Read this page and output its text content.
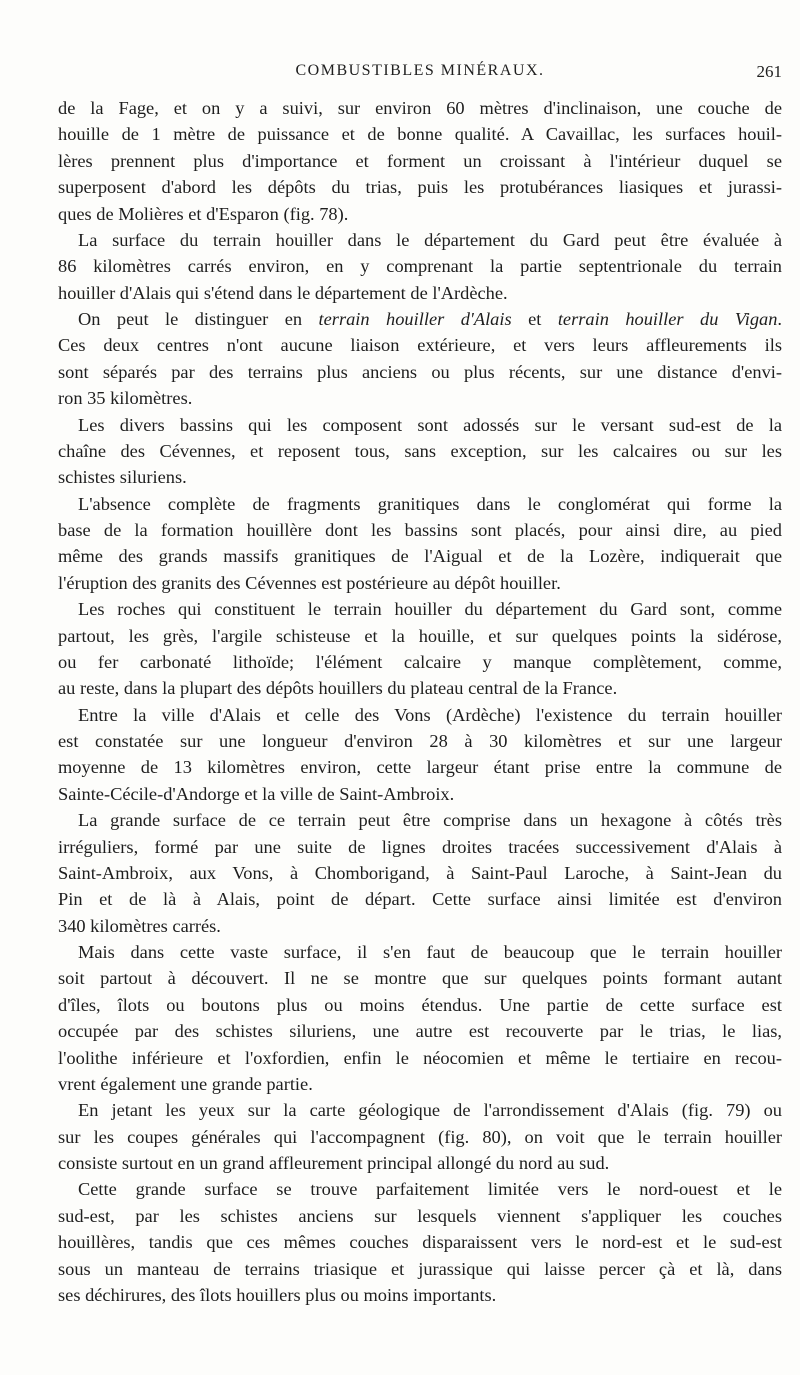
COMBUSTIBLES MINÉRAUX.	261
de la Fage, et on y a suivi, sur environ 60 mètres d'inclinaison, une couche de
houille de 1 mètre de puissance et de bonne qualité. A Cavaillac, les surfaces houil-
lères prennent plus d'importance et forment un croissant à l'intérieur duquel se
superposent d'abord les dépôts du trias, puis les protubérances liasiques et jurassi-
ques de Molières et d'Esparon (fig. 78).
La surface du terrain houiller dans le département du Gard peut être évaluée à
86 kilomètres carrés environ, en y comprenant la partie septentrionale du terrain
houiller d'Alais qui s'étend dans le département de l'Ardèche.
On peut le distinguer en terrain houiller d'Alais et terrain houiller du Vigan.
Ces deux centres n'ont aucune liaison extérieure, et vers leurs affleurements ils
sont séparés par des terrains plus anciens ou plus récents, sur une distance d'envi-
ron 35 kilomètres.
Les divers bassins qui les composent sont adossés sur le versant sud-est de la
chaîne des Cévennes, et reposent tous, sans exception, sur les calcaires ou sur les
schistes siluriens.
L'absence complète de fragments granitiques dans le conglomérat qui forme la
base de la formation houillère dont les bassins sont placés, pour ainsi dire, au pied
même des grands massifs granitiques de l'Aigual et de la Lozère, indiquerait que
l'éruption des granits des Cévennes est postérieure au dépôt houiller.
Les roches qui constituent le terrain houiller du département du Gard sont, comme
partout, les grès, l'argile schisteuse et la houille, et sur quelques points la sidérose,
ou fer carbonaté lithoïde; l'élément calcaire y manque complètement, comme,
au reste, dans la plupart des dépôts houillers du plateau central de la France.
Entre la ville d'Alais et celle des Vons (Ardèche) l'existence du terrain houiller
est constatée sur une longueur d'environ 28 à 30 kilomètres et sur une largeur
moyenne de 13 kilomètres environ, cette largeur étant prise entre la commune de
Sainte-Cécile-d'Andorge et la ville de Saint-Ambroix.
La grande surface de ce terrain peut être comprise dans un hexagone à côtés très
irréguliers, formé par une suite de lignes droites tracées successivement d'Alais à
Saint-Ambroix, aux Vons, à Chomborigand, à Saint-Paul Laroche, à Saint-Jean du
Pin et de là à Alais, point de départ. Cette surface ainsi limitée est d'environ
340 kilomètres carrés.
Mais dans cette vaste surface, il s'en faut de beaucoup que le terrain houiller
soit partout à découvert. Il ne se montre que sur quelques points formant autant
d'îles, îlots ou boutons plus ou moins étendus. Une partie de cette surface est
occupée par des schistes siluriens, une autre est recouverte par le trias, le lias,
l'oolithe inférieure et l'oxfordien, enfin le néocomien et même le tertiaire en recou-
vrent également une grande partie.
En jetant les yeux sur la carte géologique de l'arrondissement d'Alais (fig. 79) ou
sur les coupes générales qui l'accompagnent (fig. 80), on voit que le terrain houiller
consiste surtout en un grand affleurement principal allongé du nord au sud.
Cette grande surface se trouve parfaitement limitée vers le nord-ouest et le
sud-est, par les schistes anciens sur lesquels viennent s'appliquer les couches
houillères, tandis que ces mêmes couches disparaissent vers le nord-est et le sud-est
sous un manteau de terrains triasique et jurassique qui laisse percer çà et là, dans
ses déchirures, des îlots houillers plus ou moins importants.
